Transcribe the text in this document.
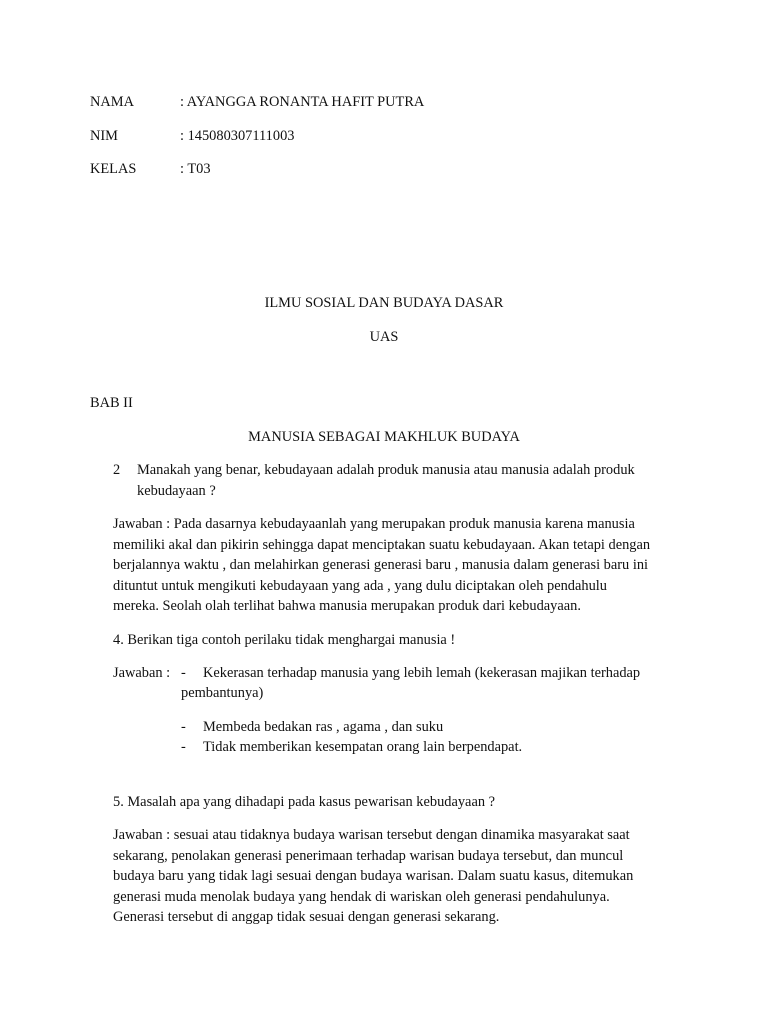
NAMA	: AYANGGA RONANTA HAFIT PUTRA
NIM	: 145080307111003
KELAS	: T03
ILMU SOSIAL DAN BUDAYA DASAR
UAS
BAB II
MANUSIA SEBAGAI MAKHLUK BUDAYA
2 Manakah yang benar, kebudayaan adalah produk manusia atau manusia adalah produk
kebudayaan ?
Jawaban : Pada dasarnya kebudayaanlah yang merupakan produk manusia karena manusia
memiliki akal dan pikirin sehingga dapat menciptakan suatu kebudayaan. Akan tetapi dengan
berjalannya waktu , dan melahirkan generasi generasi baru , manusia dalam generasi baru ini
dituntut untuk mengikuti kebudayaan yang ada , yang dulu diciptakan oleh pendahulu
mereka. Seolah olah terlihat bahwa manusia merupakan produk dari kebudayaan.
4. Berikan tiga contoh perilaku tidak menghargai manusia !
Jawaban : - Kekerasan terhadap manusia yang lebih lemah (kekerasan majikan terhadap
pembantunya)
- Membeda bedakan ras , agama , dan suku
- Tidak memberikan kesempatan orang lain berpendapat.
5. Masalah apa yang dihadapi pada kasus pewarisan kebudayaan ?
Jawaban : sesuai atau tidaknya budaya warisan tersebut dengan dinamika masyarakat saat
sekarang, penolakan generasi penerimaan terhadap warisan budaya tersebut, dan muncul
budaya baru yang tidak lagi sesuai dengan budaya warisan. Dalam suatu kasus, ditemukan
generasi muda menolak budaya yang hendak di wariskan oleh generasi pendahulunya.
Generasi tersebut di anggap tidak sesuai dengan generasi sekarang.
